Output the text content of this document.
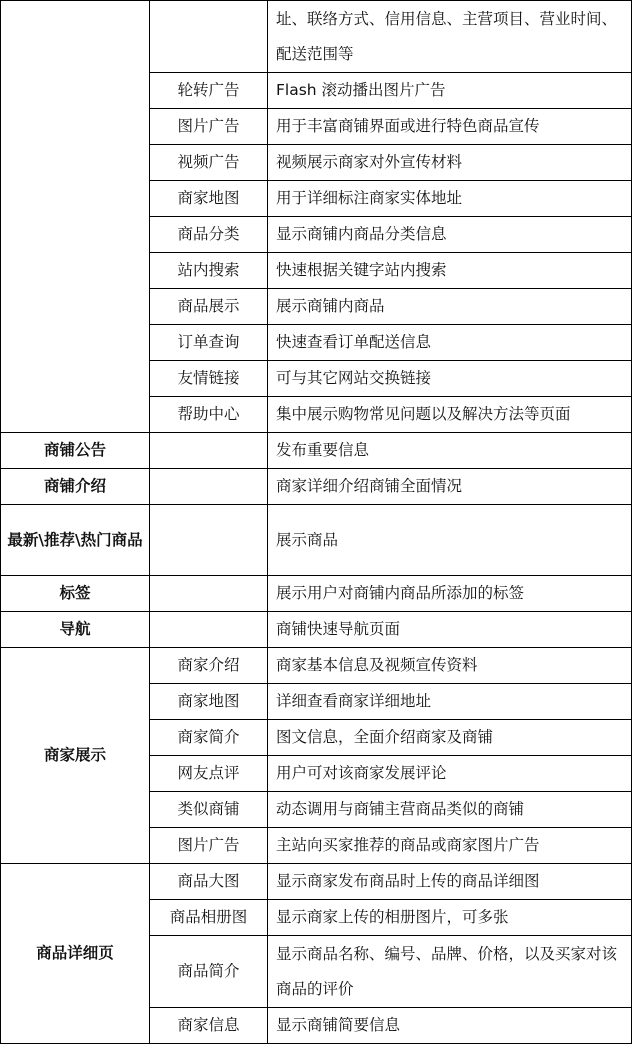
		址、联络方式、信用信息、主营项目、营业时间、配送范围等
	轮转广告	Flash 滚动播出图片广告
	图片广告	用于丰富商铺界面或进行特色商品宣传
	视频广告	视频展示商家对外宣传材料
	商家地图	用于详细标注商家实体地址
	商品分类	显示商铺内商品分类信息
	站内搜索	快速根据关键字站内搜索
	商品展示	展示商铺内商品
	订单查询	快速查看订单配送信息
	友情链接	可与其它网站交换链接
	帮助中心	集中展示购物常见问题以及解决方法等页面
商铺公告		发布重要信息
商铺介绍		商家详细介绍商铺全面情况
最新\推荐\热门商品		展示商品
标签		展示用户对商铺内商品所添加的标签
导航		商铺快速导航页面
商家展示	商家介绍	商家基本信息及视频宣传资料
	商家地图	详细查看商家详细地址
	商家简介	图文信息，全面介绍商家及商铺
	网友点评	用户可对该商家发展评论
	类似商铺	动态调用与商铺主营商品类似的商铺
	图片广告	主站向买家推荐的商品或商家图片广告
商品详细页	商品大图	显示商家发布商品时上传的商品详细图
	商品相册图	显示商家上传的相册图片，可多张
	商品简介	显示商品名称、编号、品牌、价格，以及买家对该商品的评价
	商家信息	显示商铺简要信息
